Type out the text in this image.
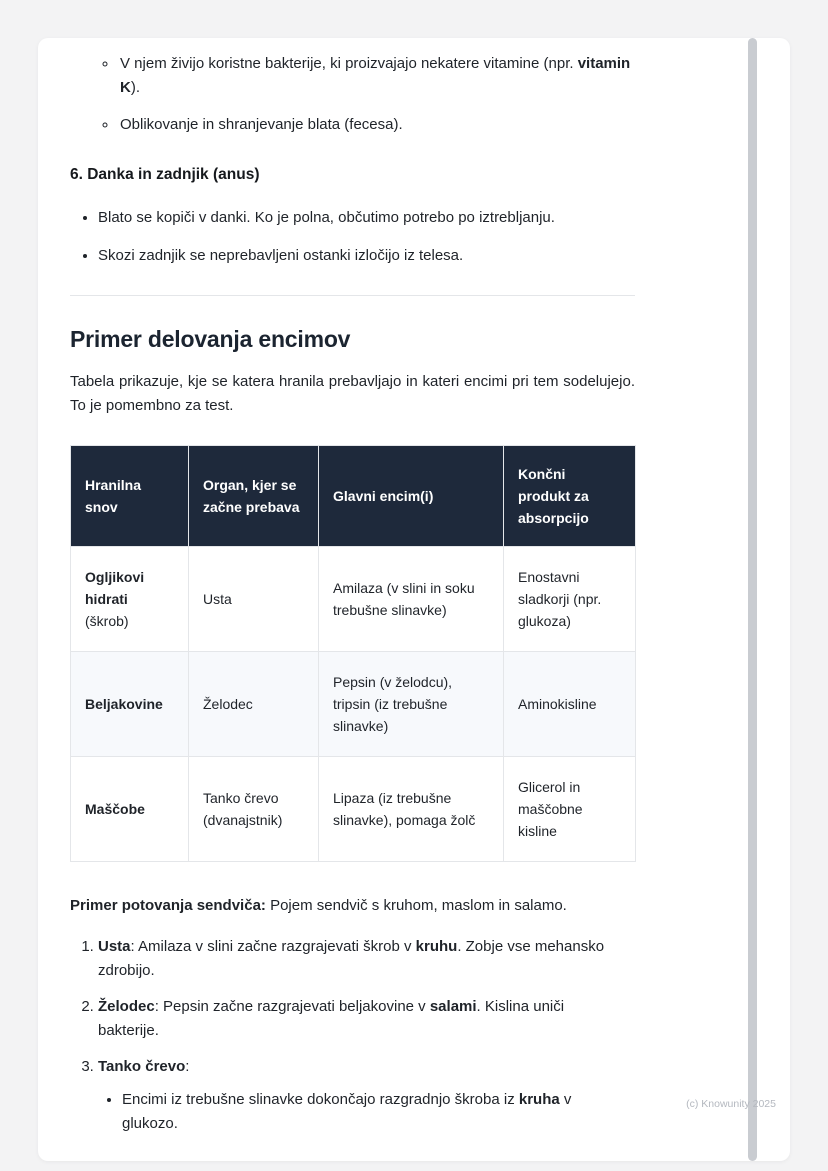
◦ V njem živijo koristne bakterije, ki proizvajajo nekatere vitamine (npr. vitamin K).
◦ Oblikovanje in shranjevanje blata (fecesa).
6. Danka in zadnjik (anus)
• Blato se kopiči v danki. Ko je polna, občutimo potrebo po iztrebljanju.
• Skozi zadnjik se neprebavljeni ostanki izločijo iz telesa.
Primer delovanja encimov

Tabela prikazuje, kje se katera hranila prebavljajo in kateri encimi pri tem sodelujejo. To je pomembno za test.

Hranilna snov	Organ, kjer se začne prebava	Glavni encim(i)	Končni produkt za absorpcijo
Ogljikovi hidrati (škrob)	Usta	Amilaza (v slini in soku trebušne slinavke)	Enostavni sladkorji (npr. glukoza)
Beljakovine	Želodec	Pepsin (v želodcu), tripsin (iz trebušne slinavke)	Aminokisline
Maščobe	Tanko črevo (dvanajstnik)	Lipaza (iz trebušne slinavke), pomaga žolč	Glicerol in maščobne kisline

Primer potovanja sendviča: Pojem sendvič s kruhom, maslom in salamo.

1. Usta: Amilaza v slini začne razgrajevati škrob v kruhu. Zobje vse mehansko zdrobijo.
2. Želodec: Pepsin začne razgrajevati beljakovine v salami. Kislina uniči bakterije.
3. Tanko črevo:
• Encimi iz trebušne slinavke dokončajo razgradnjo škroba iz kruha v glukozo.
(c) Knowunity 2025
